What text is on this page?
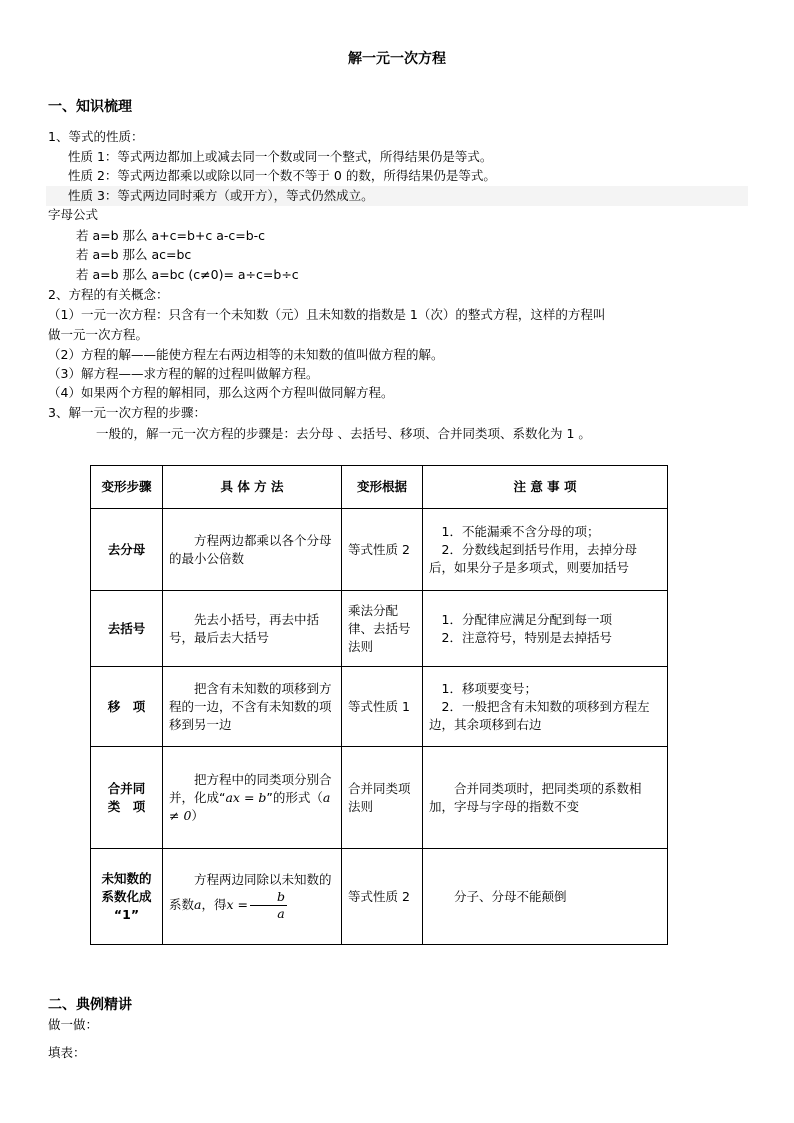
解一元一次方程
一、知识梳理
1、等式的性质：
性质 1：等式两边都加上或减去同一个数或同一个整式，所得结果仍是等式。
性质 2：等式两边都乘以或除以同一个数不等于 0 的数，所得结果仍是等式。
性质 3：等式两边同时乘方（或开方），等式仍然成立。
字母公式
若 a=b 那么 a+c=b+c a-c=b-c
若 a=b 那么 ac=bc
若 a=b 那么 a=bc (c≠0)= a÷c=b÷c
2、方程的有关概念：
（1）一元一次方程：只含有一个未知数（元）且未知数的指数是 1（次）的整式方程，这样的方程叫
做一元一次方程。
（2）方程的解——能使方程左右两边相等的未知数的值叫做方程的解。
（3）解方程——求方程的解的过程叫做解方程。
（4）如果两个方程的解相同，那么这两个方程叫做同解方程。
3、解一元一次方程的步骤：
一般的，解一元一次方程的步骤是：去分母 、去括号、移项、合并同类项、系数化为 1 。
变形步骤	具 体 方 法	变形根据	注 意 事 项
去分母	方程两边都乘以各个分母的最小公倍数	等式性质 2	1．不能漏乘不含分母的项；
2．分数线起到括号作用，去掉分母后，如果分子是多项式，则要加括号

去括号	先去小括号，再去中括号，最后去大括号	乘法分配律、去括号法则	1．分配律应满足分配到每一项
2．注意符号，特别是去掉括号

移　项	把含有未知数的项移到方程的一边，不含有未知数的项移到另一边	等式性质 1	1．移项要变号；
2．一般把含有未知数的项移到方程左边，其余项移到右边

合并同
类　项	把方程中的同类项分别合并，化成“ax = b”的形式（a ≠ 0）	合并同类项法则	合并同类项时，把同类项的系数相加，字母与字母的指数不变

未知数的
系数化成
“1”	方程两边同除以未知数的系数a，得$x = \frac{b}{a}$	等式性质 2	分子、分母不能颠倒
二、典例精讲
做一做：
填表：
